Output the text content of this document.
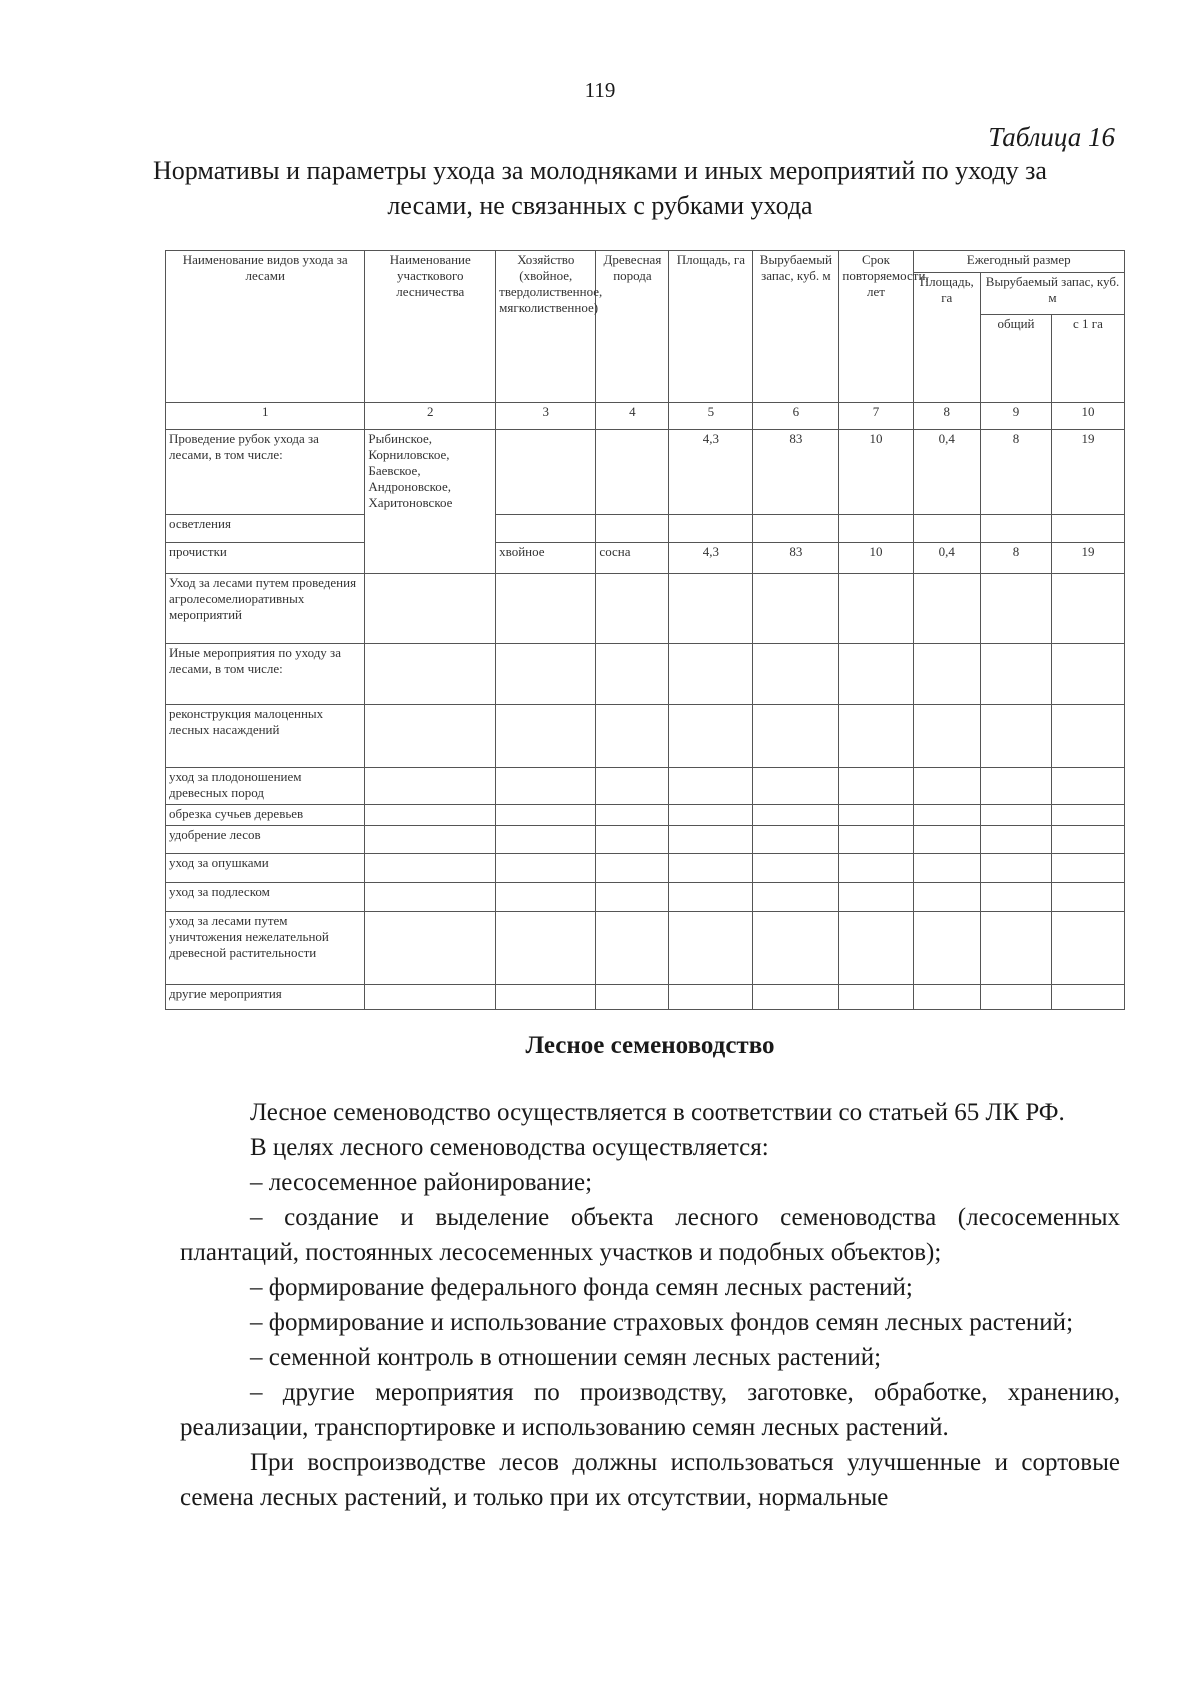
119
Таблица 16
Нормативы и параметры ухода за молодняками и иных мероприятий по уходу за лесами, не связанных с рубками ухода
Наименование видов ухода за лесами	Наименование участкового лесничества	Хозяйство (хвойное, твердолиственное, мягколиственное)	Древесная порода	Площадь, га	Вырубаемый запас, куб. м	Срок повторяемости, лет	Ежегодный размер		
							Площадь, га	Вырубаемый запас, куб. м	
								общий	с 1 га
1	2	3	4	5	6	7	8	9	10
Проведение рубок ухода за лесами, в том числе:	Рыбинское, Корниловское, Баевское, Андроновское, Харитоновское			4,3	83	10	0,4	8	19
осветления									
прочистки		хвойное	сосна	4,3	83	10	0,4	8	19
Уход за лесами путем проведения агролесомелиоративных мероприятий									
Иные мероприятия по уходу за лесами, в том числе:									
реконструкция малоценных лесных насаждений									
уход за плодоношением древесных пород									
обрезка сучьев деревьев									
удобрение лесов									
уход за опушками									
уход за подлеском									
уход за лесами путем уничтожения нежелательной древесной растительности									
другие мероприятия									
Лесное семеноводство

Лесное семеноводство осуществляется в соответствии со статьей 65 ЛК РФ.

В целях лесного семеноводства осуществляется:

– лесосеменное районирование;

– создание и выделение объекта лесного семеноводства (лесосеменных плантаций, постоянных лесосеменных участков и подобных объектов);

– формирование федерального фонда семян лесных растений;

– формирование и использование страховых фондов семян лесных растений;

– семенной контроль в отношении семян лесных растений;

– другие мероприятия по производству, заготовке, обработке, хранению, реализации, транспортировке и использованию семян лесных растений.

При воспроизводстве лесов должны использоваться улучшенные и сортовые семена лесных растений, и только при их отсутствии, нормальные
